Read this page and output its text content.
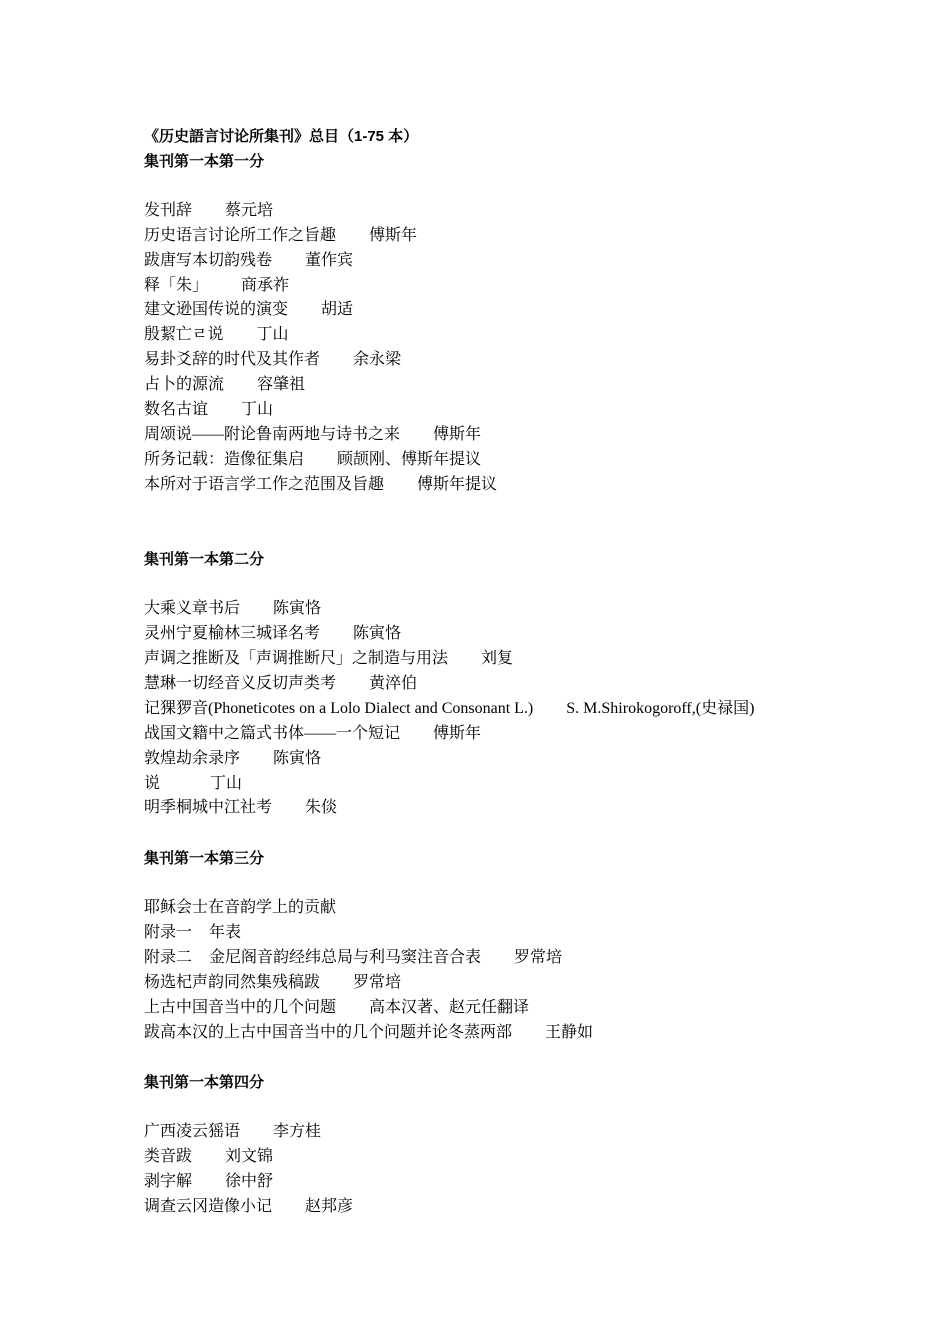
《历史語言讨论所集刊》总目（1-75 本）
集刊第一本第一分
发刊辞 蔡元培
历史语言讨论所工作之旨趣 傅斯年
跋唐写本切韵残卷 董作宾
释「朱」 商承祚
建文逊国传说的演变 胡适
殷絜亡ㄹ说 丁山
易卦爻辞的时代及其作者 余永梁
占卜的源流 容肇祖
数名古谊 丁山
周颂说——附论鲁南两地与诗书之来 傅斯年
所务记载：造像征集启 顾颉刚、傅斯年提议
本所对于语言学工作之范围及旨趣 傅斯年提议
集刊第一本第二分
大乘义章书后 陈寅恪
灵州宁夏榆林三城译名考 陈寅恪
声调之推断及「声调推断尺」之制造与用法 刘复
慧琳一切经音义反切声类考 黄淬伯
记猓猡音(Phoneticotes on a Lolo Dialect and Consonant L.) S. M.Shirokogoroff,(史禄国)
战国文籍中之篇式书体——一个短记 傅斯年
敦煌劫余录序 陈寅恪
说	丁山
明季桐城中江社考 朱倓
集刊第一本第三分
耶稣会士在音韵学上的贡献
附录一 年表
附录二 金尼阁音韵经纬总局与利马窦注音合表 罗常培
杨选杞声韵同然集残稿跋 罗常培
上古中国音当中的几个问题 高本汉著、赵元任翻译
跋高本汉的上古中国音当中的几个问题并论冬蒸两部 王静如
集刊第一本第四分
广西凌云猺语 李方桂
类音跋 刘文锦
剥字解 徐中舒
调查云冈造像小记 赵邦彦
